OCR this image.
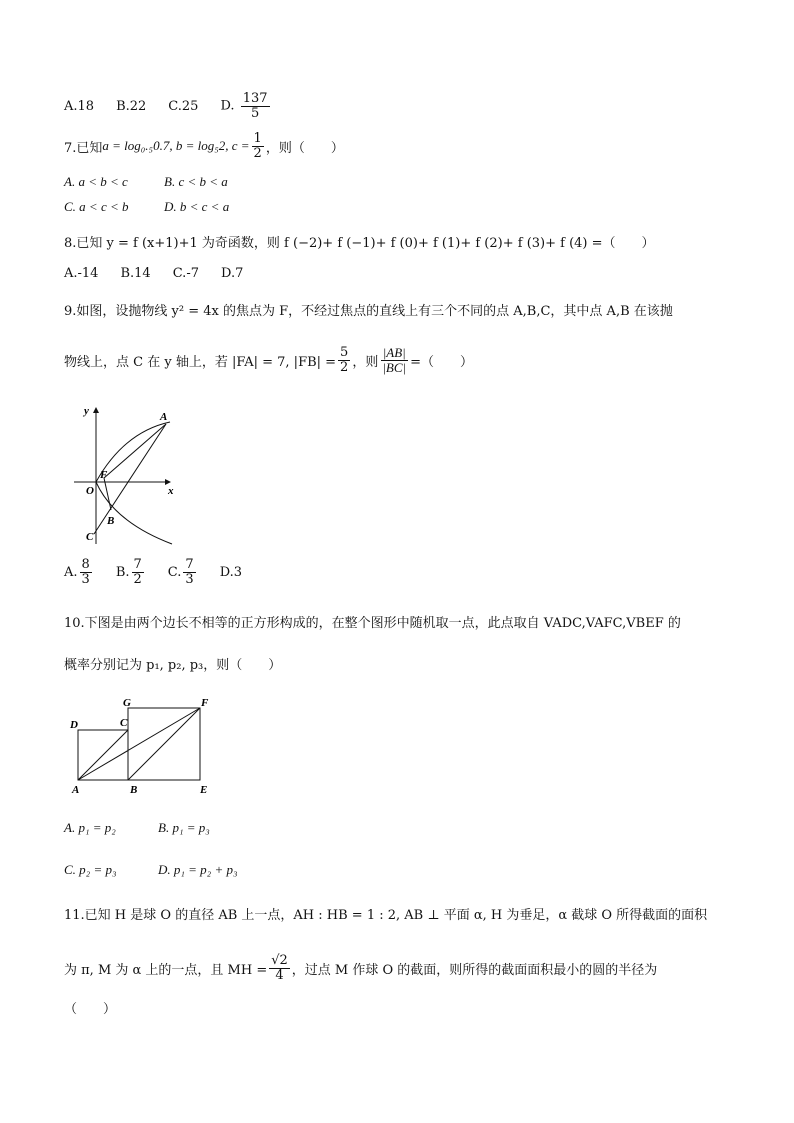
A.18 B.22 C.25 D. $\frac{137}{5}$
7.已知 a = log₀.₅0.7, b = log₅2, $c = \frac{1}{2}$ ，则（　　）
A. a < b < c	B. c < b < a
C. a < c < b	D. b < c < a
8.已知 y = f (x+1)+1 为奇函数，则 f (−2)+ f (−1)+ f (0)+ f (1)+ f (2)+ f (3)+ f (4) =（　　）
A.-14 B.14 C.-7 D.7
9.如图，设抛物线 y² = 4x 的焦点为 F，不经过焦点的直线上有三个不同的点 A,B,C，其中点 A,B 在该抛
物线上，点 C 在 y 轴上，若 |FA| = 7, $|FB| = \frac{5}{2}$ ，则 $\frac{|AB|}{|BC|}$ =（　　）
y
x
A
F
O
B
C
A. $\frac{8}{3} B$. $\frac{7}{2} C$. $\frac{7}{3} D.3$
10.下图是由两个边长不相等的正方形构成的，在整个图形中随机取一点，此点取自 VADC,VAFC,VBEF 的
概率分别记为 p₁, p₂, p₃，则（　　）
G	F
D	C
A	B	E
A. p₁ = p₂	B. p₁ = p₃
C. p₂ = p₃	D. p₁ = p₂ + p₃
11.已知 H 是球 O 的直径 AB 上一点，AH : HB = 1 : 2, AB ⊥ 平面 α, H 为垂足，α 截球 O 所得截面的面积
为 π, M 为 α 上的一点，且 MH = $\frac{√2}{4}$ ，过点 M 作球 O 的截面，则所得的截面面积最小的圆的半径为
（　　）
